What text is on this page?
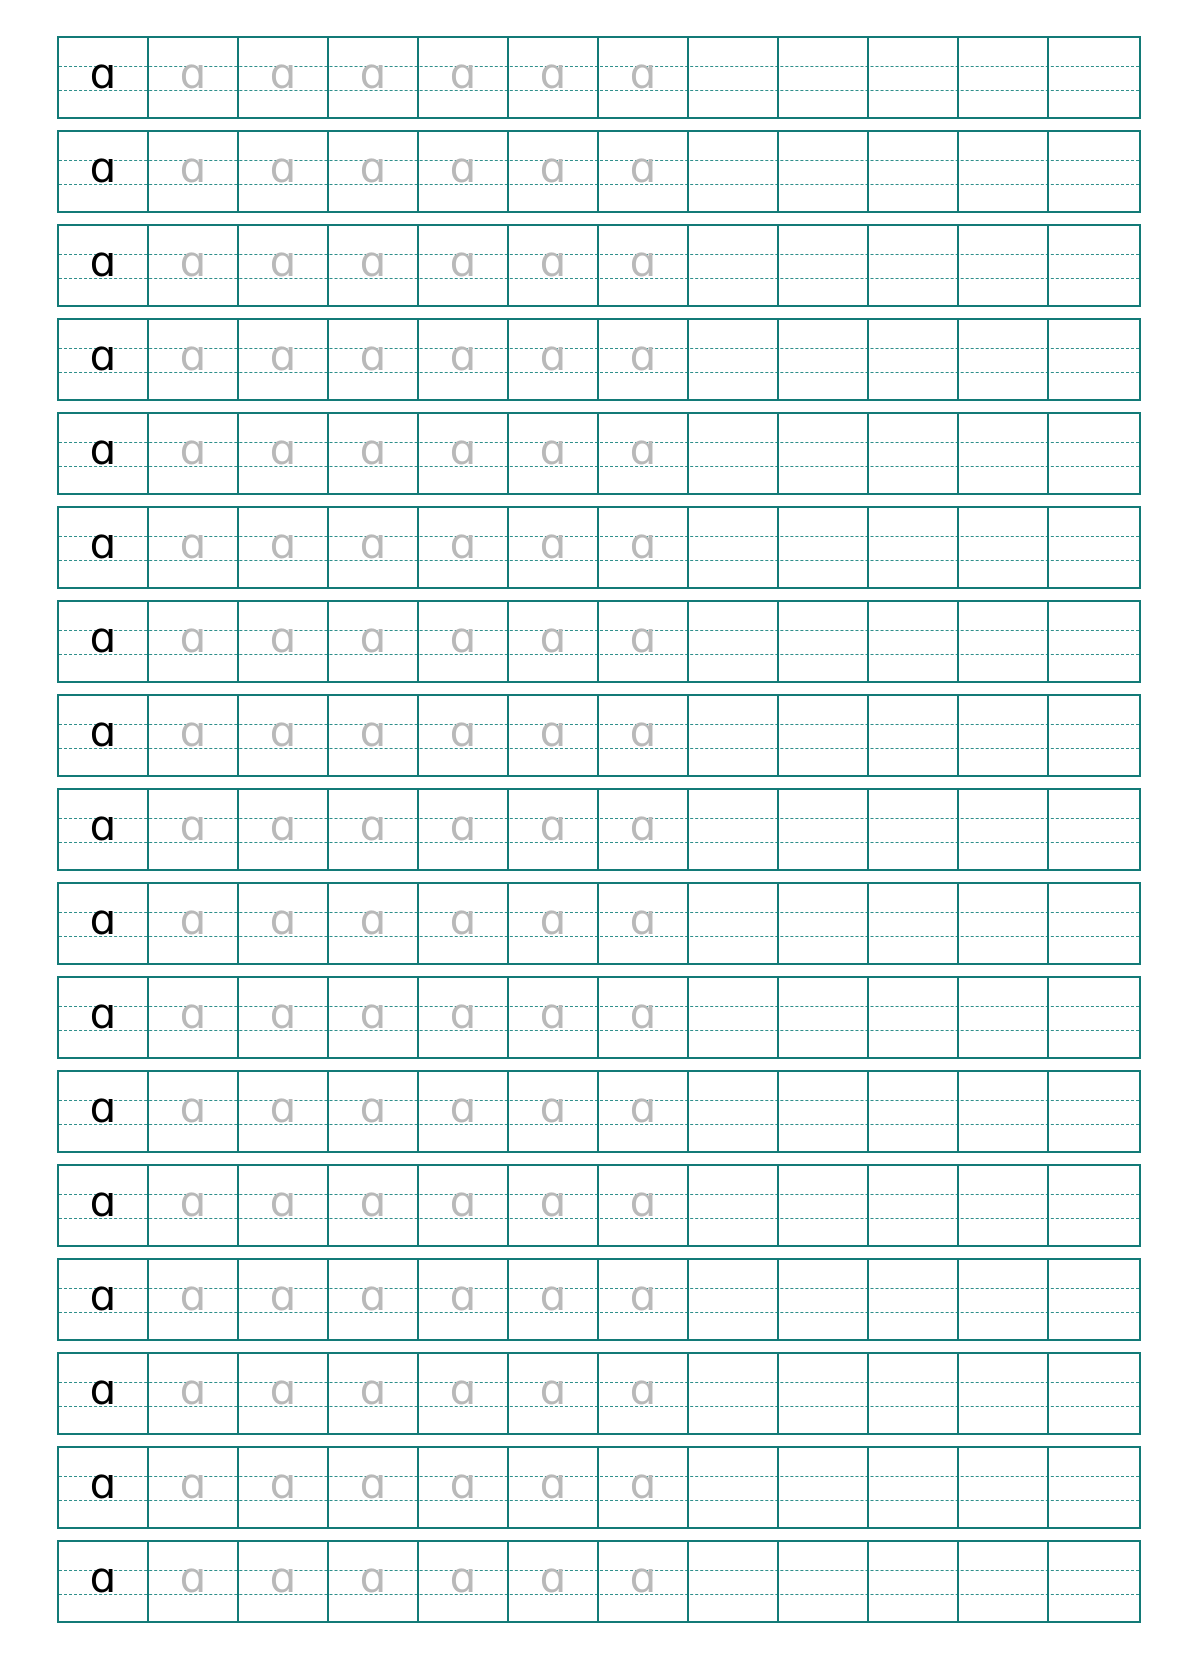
ɑ ɑ ɑ ɑ ɑ ɑ ɑ
ɑ ɑ ɑ ɑ ɑ ɑ ɑ
ɑ ɑ ɑ ɑ ɑ ɑ ɑ
ɑ ɑ ɑ ɑ ɑ ɑ ɑ
ɑ ɑ ɑ ɑ ɑ ɑ ɑ
ɑ ɑ ɑ ɑ ɑ ɑ ɑ
ɑ ɑ ɑ ɑ ɑ ɑ ɑ
ɑ ɑ ɑ ɑ ɑ ɑ ɑ
ɑ ɑ ɑ ɑ ɑ ɑ ɑ
ɑ ɑ ɑ ɑ ɑ ɑ ɑ
ɑ ɑ ɑ ɑ ɑ ɑ ɑ
ɑ ɑ ɑ ɑ ɑ ɑ ɑ
ɑ ɑ ɑ ɑ ɑ ɑ ɑ
ɑ ɑ ɑ ɑ ɑ ɑ ɑ
ɑ ɑ ɑ ɑ ɑ ɑ ɑ
ɑ ɑ ɑ ɑ ɑ ɑ ɑ
ɑ ɑ ɑ ɑ ɑ ɑ ɑ
